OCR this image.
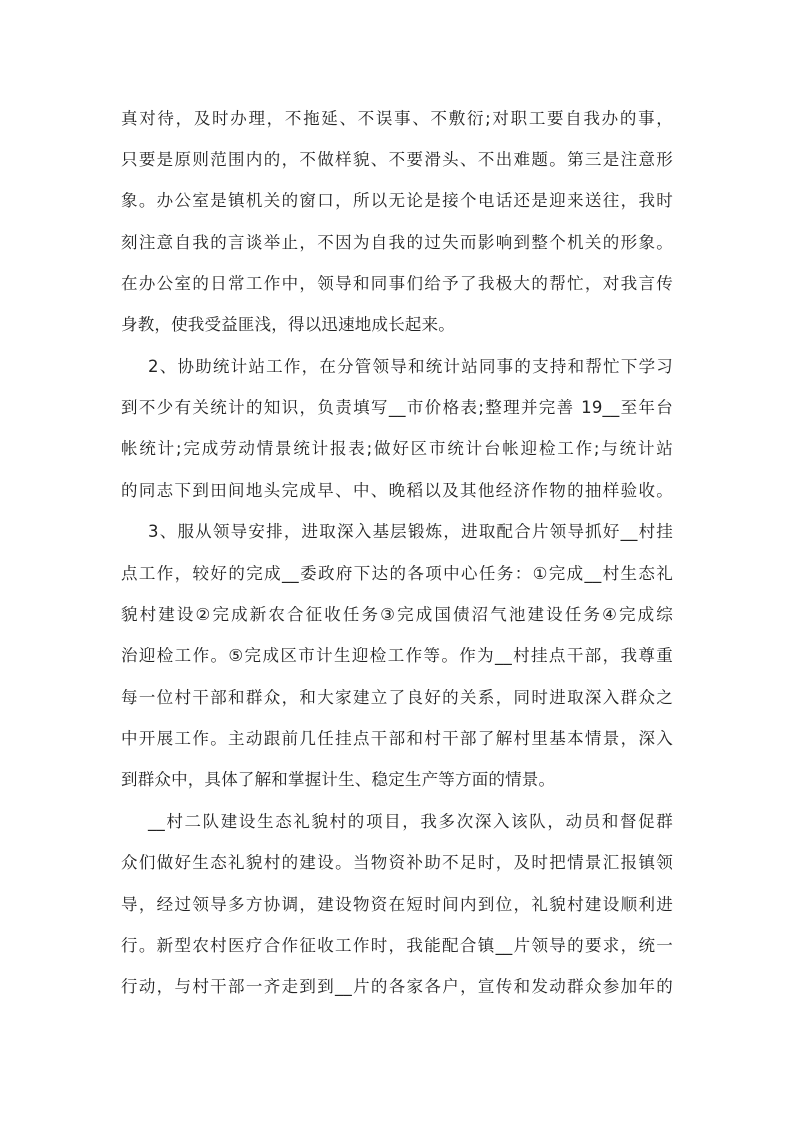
真对待，及时办理，不拖延、不误事、不敷衍;对职工要自我办的事，
只要是原则范围内的，不做样貌、不要滑头、不出难题。第三是注意形
象。办公室是镇机关的窗口，所以无论是接个电话还是迎来送往，我时
刻注意自我的言谈举止，不因为自我的过失而影响到整个机关的形象。
在办公室的日常工作中，领导和同事们给予了我极大的帮忙，对我言传
身教，使我受益匪浅，得以迅速地成长起来。
2、协助统计站工作，在分管领导和统计站同事的支持和帮忙下学习
到不少有关统计的知识，负责填写__市价格表;整理并完善 19__至年台
帐统计;完成劳动情景统计报表;做好区市统计台帐迎检工作;与统计站
的同志下到田间地头完成早、中、晚稻以及其他经济作物的抽样验收。
3、服从领导安排，进取深入基层锻炼，进取配合片领导抓好__村挂
点工作，较好的完成__委政府下达的各项中心任务：①完成__村生态礼
貌村建设②完成新农合征收任务③完成国债沼气池建设任务④完成综
治迎检工作。⑤完成区市计生迎检工作等。作为__村挂点干部，我尊重
每一位村干部和群众，和大家建立了良好的关系，同时进取深入群众之
中开展工作。主动跟前几任挂点干部和村干部了解村里基本情景，深入
到群众中，具体了解和掌握计生、稳定生产等方面的情景。
__村二队建设生态礼貌村的项目，我多次深入该队，动员和督促群
众们做好生态礼貌村的建设。当物资补助不足时，及时把情景汇报镇领
导，经过领导多方协调，建设物资在短时间内到位，礼貌村建设顺利进
行。新型农村医疗合作征收工作时，我能配合镇__片领导的要求，统一
行动，与村干部一齐走到到__片的各家各户，宣传和发动群众参加年的
